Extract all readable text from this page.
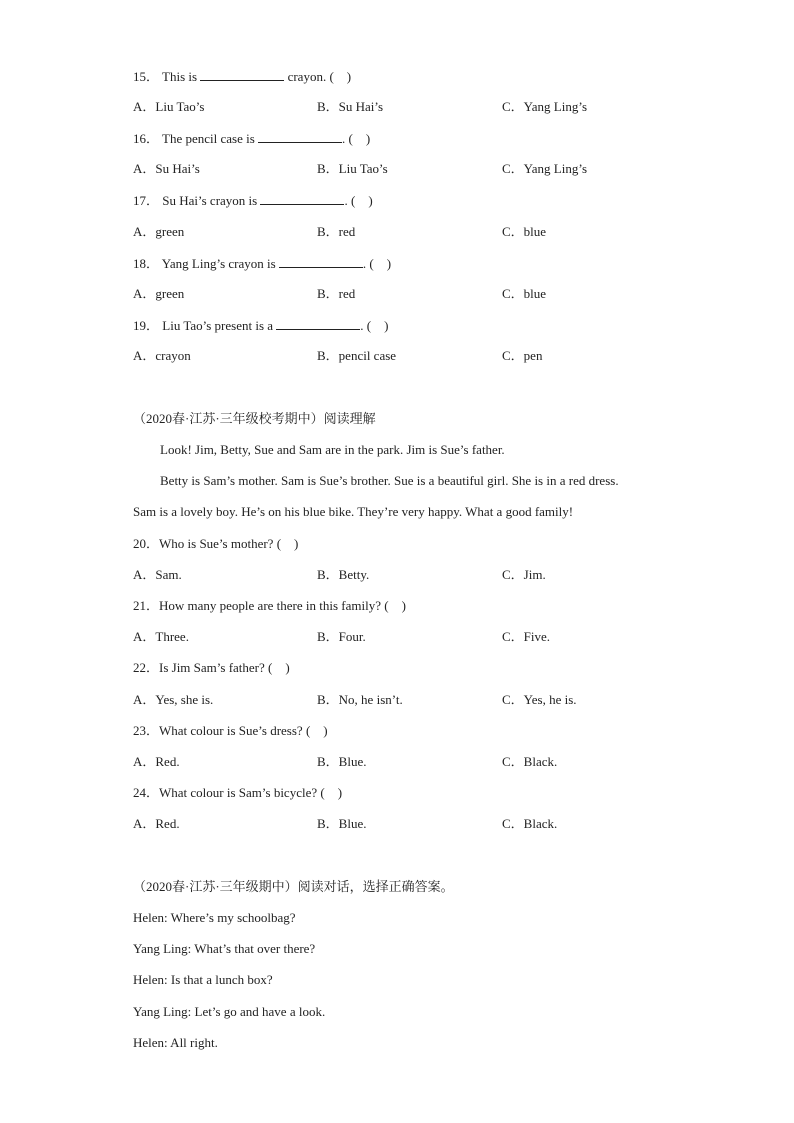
15． This is	crayon. (　)
A．Liu Tao’s	B．Su Hai’s	C．Yang Ling’s
16． The pencil case is	. (　)
A．Su Hai’s	B．Liu Tao’s	C．Yang Ling’s
17． Su Hai’s crayon is	. (　)
A．green	B．red	C．blue
18． Yang Ling’s crayon is	. (　)
A．green	B．red	C．blue
19． Liu Tao’s present is a	. (　)
A．crayon	B．pencil case	C．pen
（2020春·江苏·三年级校考期中）阅读理解
Look! Jim, Betty, Sue and Sam are in the park. Jim is Sue’s father.
Betty is Sam’s mother. Sam is Sue’s brother. Sue is a beautiful girl. She is in a red dress.
Sam is a lovely boy. He’s on his blue bike. They’re very happy. What a good family!
20．Who is Sue’s mother? (　)
A．Sam.	B．Betty.	C．Jim.
21．How many people are there in this family? (　)
A．Three.	B．Four.	C．Five.
22．Is Jim Sam’s father? (　)
A．Yes, she is.	B．No, he isn’t.	C．Yes, he is.
23．What colour is Sue’s dress? (　)
A．Red.	B．Blue.	C．Black.
24．What colour is Sam’s bicycle? (　)
A．Red.	B．Blue.	C．Black.
（2020春·江苏·三年级期中）阅读对话，选择正确答案。
Helen: Where’s my schoolbag?
Yang Ling: What’s that over there?
Helen: Is that a lunch box?
Yang Ling: Let’s go and have a look.
Helen: All right.
